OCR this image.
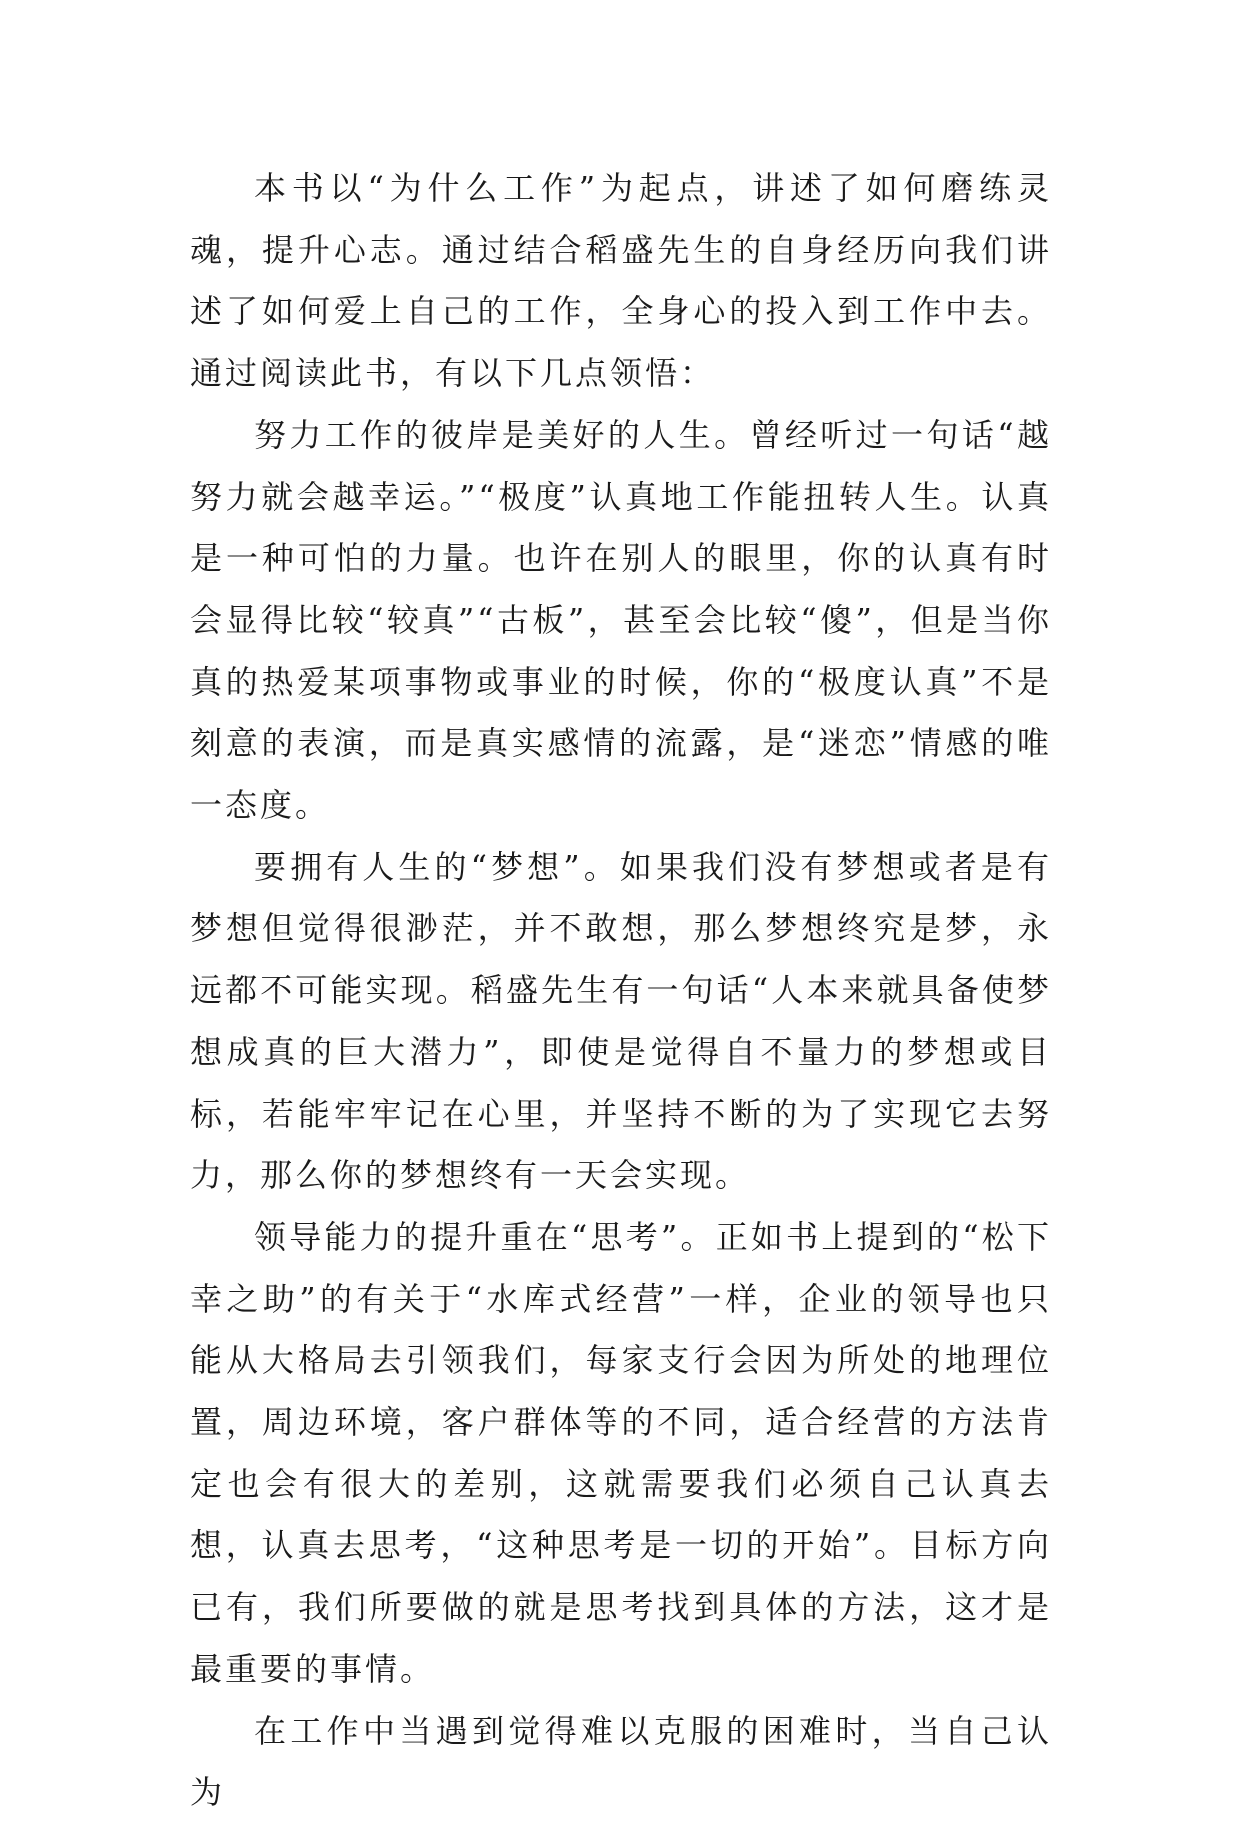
本书以“为什么工作”为起点，讲述了如何磨练灵魂，提升心志。通过结合稻盛先生的自身经历向我们讲述了如何爱上自己的工作，全身心的投入到工作中去。通过阅读此书，有以下几点领悟：

努力工作的彼岸是美好的人生。曾经听过一句话“越努力就会越幸运。”“极度”认真地工作能扭转人生。认真是一种可怕的力量。也许在别人的眼里，你的认真有时会显得比较“较真”“古板”，甚至会比较“傻”，但是当你真的热爱某项事物或事业的时候，你的“极度认真”不是刻意的表演，而是真实感情的流露，是“迷恋”情感的唯一态度。

要拥有人生的“梦想”。如果我们没有梦想或者是有梦想但觉得很渺茫，并不敢想，那么梦想终究是梦，永远都不可能实现。稻盛先生有一句话“人本来就具备使梦想成真的巨大潜力”，即使是觉得自不量力的梦想或目标，若能牢牢记在心里，并坚持不断的为了实现它去努力，那么你的梦想终有一天会实现。

领导能力的提升重在“思考”。正如书上提到的“松下幸之助”的有关于“水库式经营”一样，企业的领导也只能从大格局去引领我们，每家支行会因为所处的地理位置，周边环境，客户群体等的不同，适合经营的方法肯定也会有很大的差别，这就需要我们必须自己认真去想，认真去思考，“这种思考是一切的开始”。目标方向已有，我们所要做的就是思考找到具体的方法，这才是最重要的事情。

在工作中当遇到觉得难以克服的困难时，当自己认为
